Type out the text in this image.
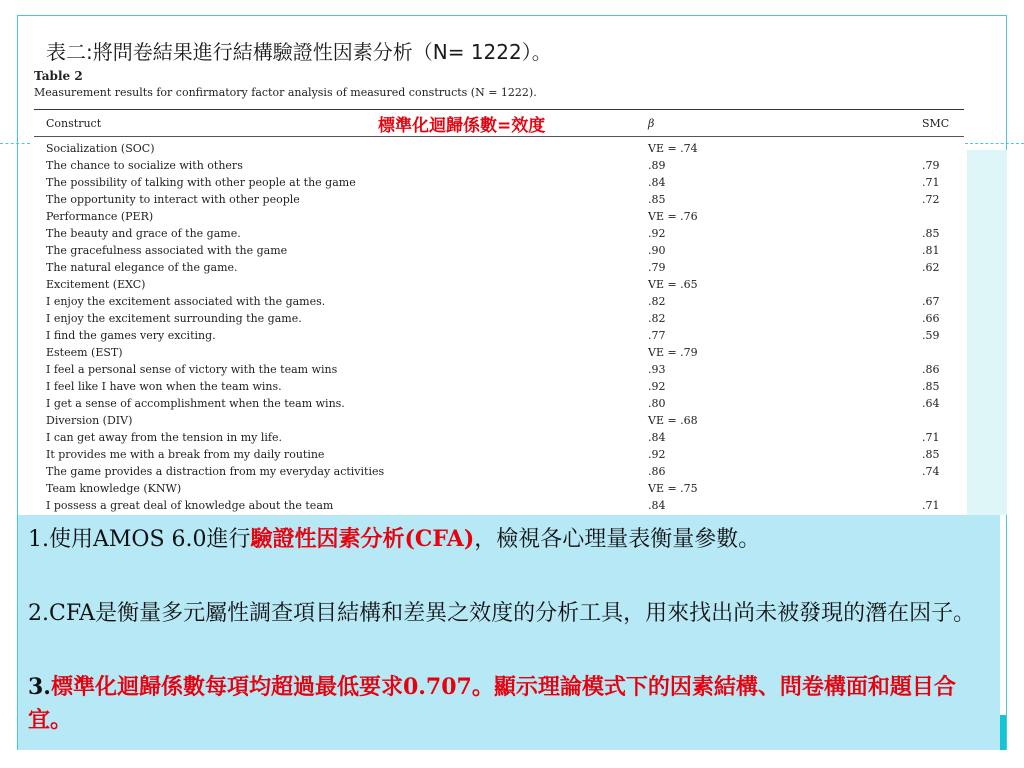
表二:將問卷結果進行結構驗證性因素分析（N= 1222）。
Table 2
Measurement results for confirmatory factor analysis of measured constructs (N = 1222).
Construct	標準化迴歸係數=效度	β	SMC
Socialization (SOC)	VE = .74
The chance to socialize with others	.89	.79
The possibility of talking with other people at the game	.84	.71
The opportunity to interact with other people	.85	.72
Performance (PER)	VE = .76
The beauty and grace of the game.	.92	.85
The gracefulness associated with the game	.90	.81
The natural elegance of the game.	.79	.62
Excitement (EXC)	VE = .65
I enjoy the excitement associated with the games.	.82	.67
I enjoy the excitement surrounding the game.	.82	.66
I find the games very exciting.	.77	.59
Esteem (EST)	VE = .79
I feel a personal sense of victory with the team wins	.93	.86
I feel like I have won when the team wins.	.92	.85
I get a sense of accomplishment when the team wins.	.80	.64
Diversion (DIV)	VE = .68
I can get away from the tension in my life.	.84	.71
It provides me with a break from my daily routine	.92	.85
The game provides a distraction from my everyday activities	.86	.74
Team knowledge (KNW)	VE = .75
I possess a great deal of knowledge about the team	.84	.71
1.使用AMOS 6.0進行驗證性因素分析(CFA)，檢視各心理量表衡量參數。
2.CFA是衡量多元屬性調查項目結構和差異之效度的分析工具，用來找出尚未被發現的潛在因子。
3.標準化迴歸係數每項均超過最低要求0.707。顯示理論模式下的因素結構、問卷構面和題目合宜。
